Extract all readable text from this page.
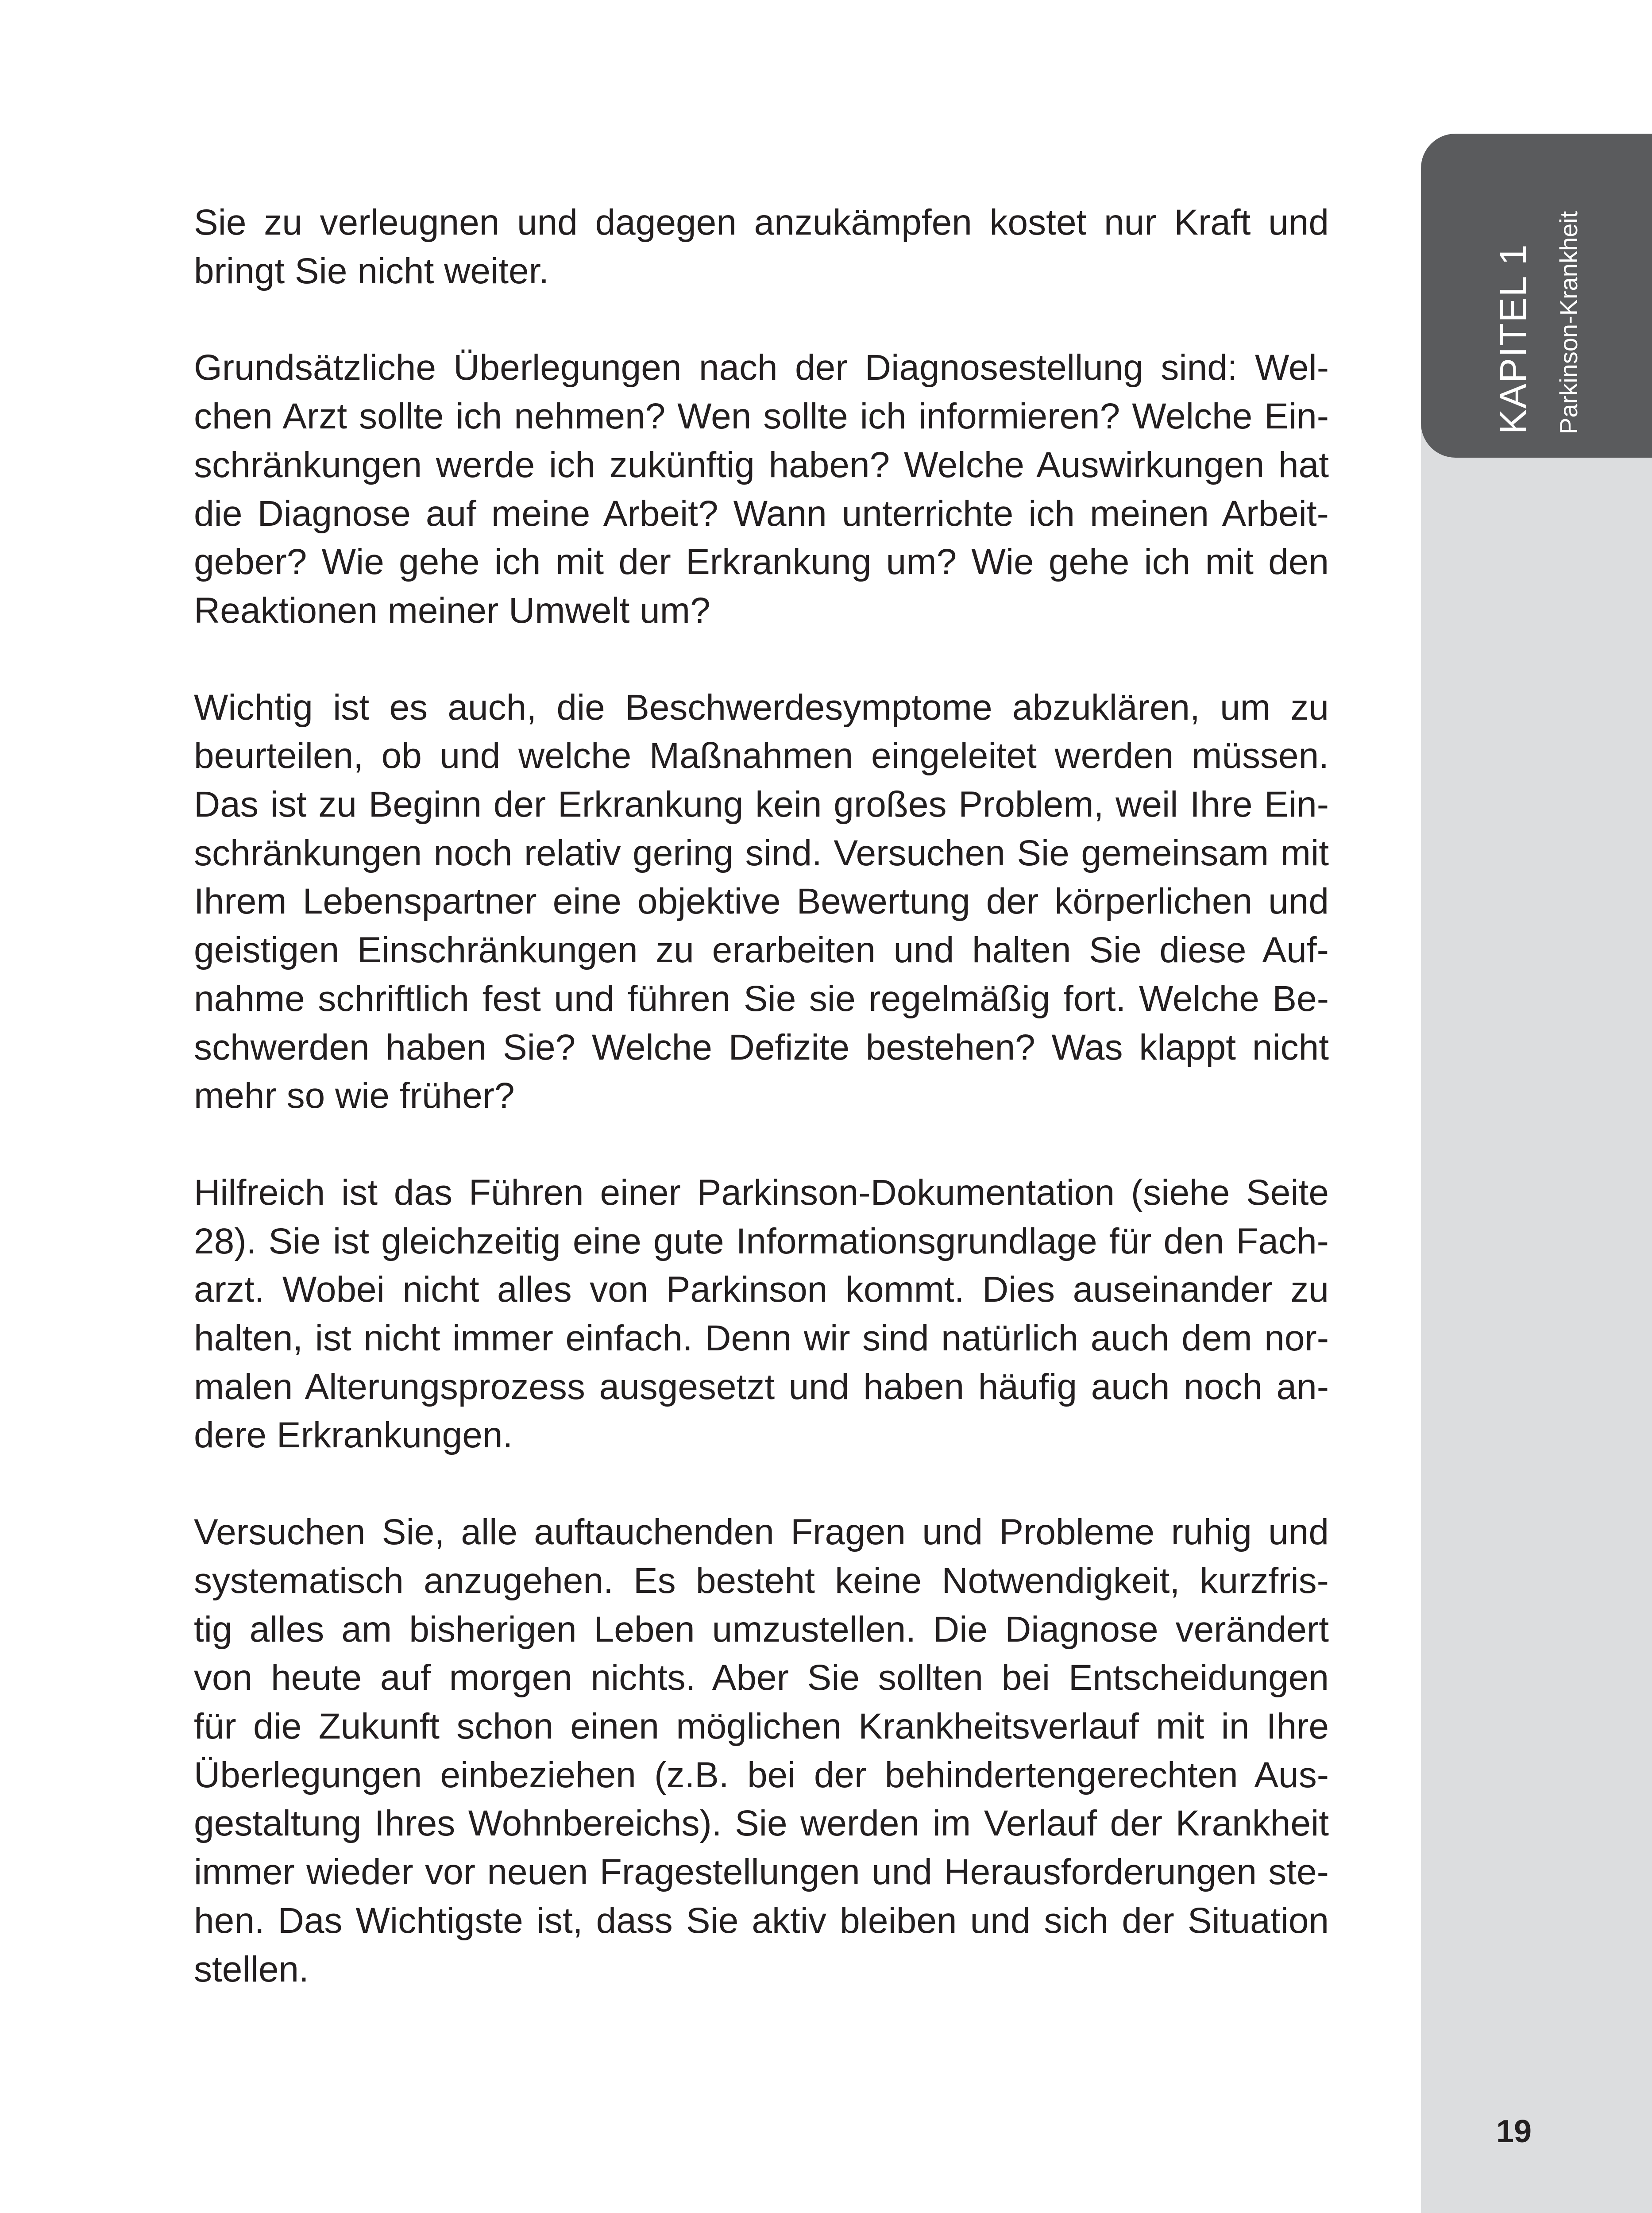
Sie zu verleugnen und dagegen anzukämpfen kostet nur Kraft und
bringt Sie nicht weiter.

Grundsätzliche Überlegungen nach der Diagnosestellung sind: Wel-
chen Arzt sollte ich nehmen? Wen sollte ich informieren? Welche Ein-
schränkungen werde ich zukünftig haben? Welche Auswirkungen hat
die Diagnose auf meine Arbeit? Wann unterrichte ich meinen Arbeit-
geber? Wie gehe ich mit der Erkrankung um? Wie gehe ich mit den
Reaktionen meiner Umwelt um?

Wichtig ist es auch, die Beschwerdesymptome abzuklären, um zu
beurteilen, ob und welche Maßnahmen eingeleitet werden müssen.
Das ist zu Beginn der Erkrankung kein großes Problem, weil Ihre Ein-
schränkungen noch relativ gering sind. Versuchen Sie gemeinsam mit
Ihrem Lebenspartner eine objektive Bewertung der körperlichen und
geistigen Einschränkungen zu erarbeiten und halten Sie diese Auf-
nahme schriftlich fest und führen Sie sie regelmäßig fort. Welche Be-
schwerden haben Sie? Welche Defizite bestehen? Was klappt nicht
mehr so wie früher?

Hilfreich ist das Führen einer Parkinson-Dokumentation (siehe Seite
28). Sie ist gleichzeitig eine gute Informationsgrundlage für den Fach-
arzt. Wobei nicht alles von Parkinson kommt. Dies auseinander zu
halten, ist nicht immer einfach. Denn wir sind natürlich auch dem nor-
malen Alterungsprozess ausgesetzt und haben häufig auch noch an-
dere Erkrankungen.

Versuchen Sie, alle auftauchenden Fragen und Probleme ruhig und
systematisch anzugehen. Es besteht keine Notwendigkeit, kurzfris-
tig alles am bisherigen Leben umzustellen. Die Diagnose verändert
von heute auf morgen nichts. Aber Sie sollten bei Entscheidungen
für die Zukunft schon einen möglichen Krankheitsverlauf mit in Ihre
Überlegungen einbeziehen (z.B. bei der behindertengerechten Aus-
gestaltung Ihres Wohnbereichs). Sie werden im Verlauf der Krankheit
immer wieder vor neuen Fragestellungen und Herausforderungen ste-
hen. Das Wichtigste ist, dass Sie aktiv bleiben und sich der Situation
stellen.

KAPITEL 1 Parkinson-Krankheit
19
